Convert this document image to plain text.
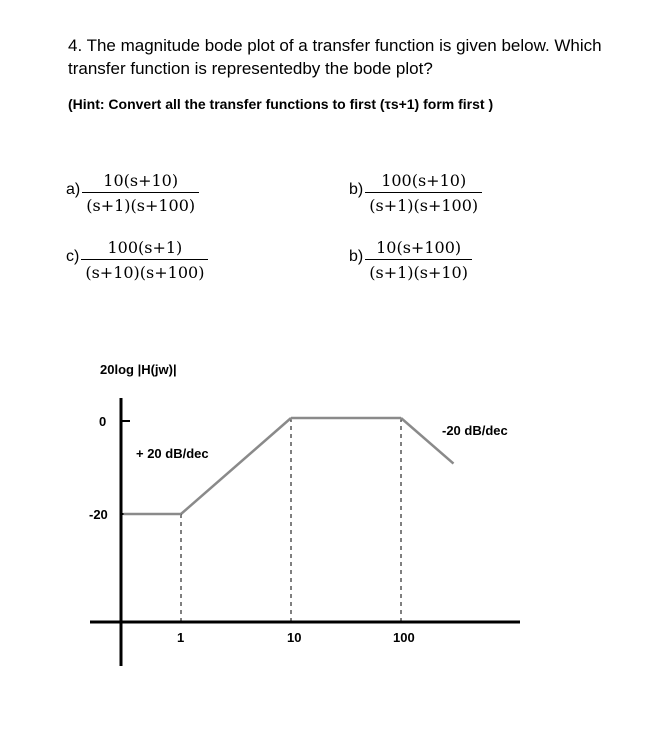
4. The magnitude bode plot of a transfer function is given below. Which transfer function is representedby the bode plot?
(Hint: Convert all the transfer functions to first (τs+1) form first )
$a) \frac{10(s+10)}{(s+1)(s+100)}$	$b) \frac{100(s+10)}{(s+1)(s+100)}$
$c) \frac{100(s+1)}{(s+10)(s+100)}$	$b) \frac{10(s+100)}{(s+1)(s+10)}$
20log |H(jw)|
0
-20
1	10	100
+ 20 dB/dec
-20 dB/dec
